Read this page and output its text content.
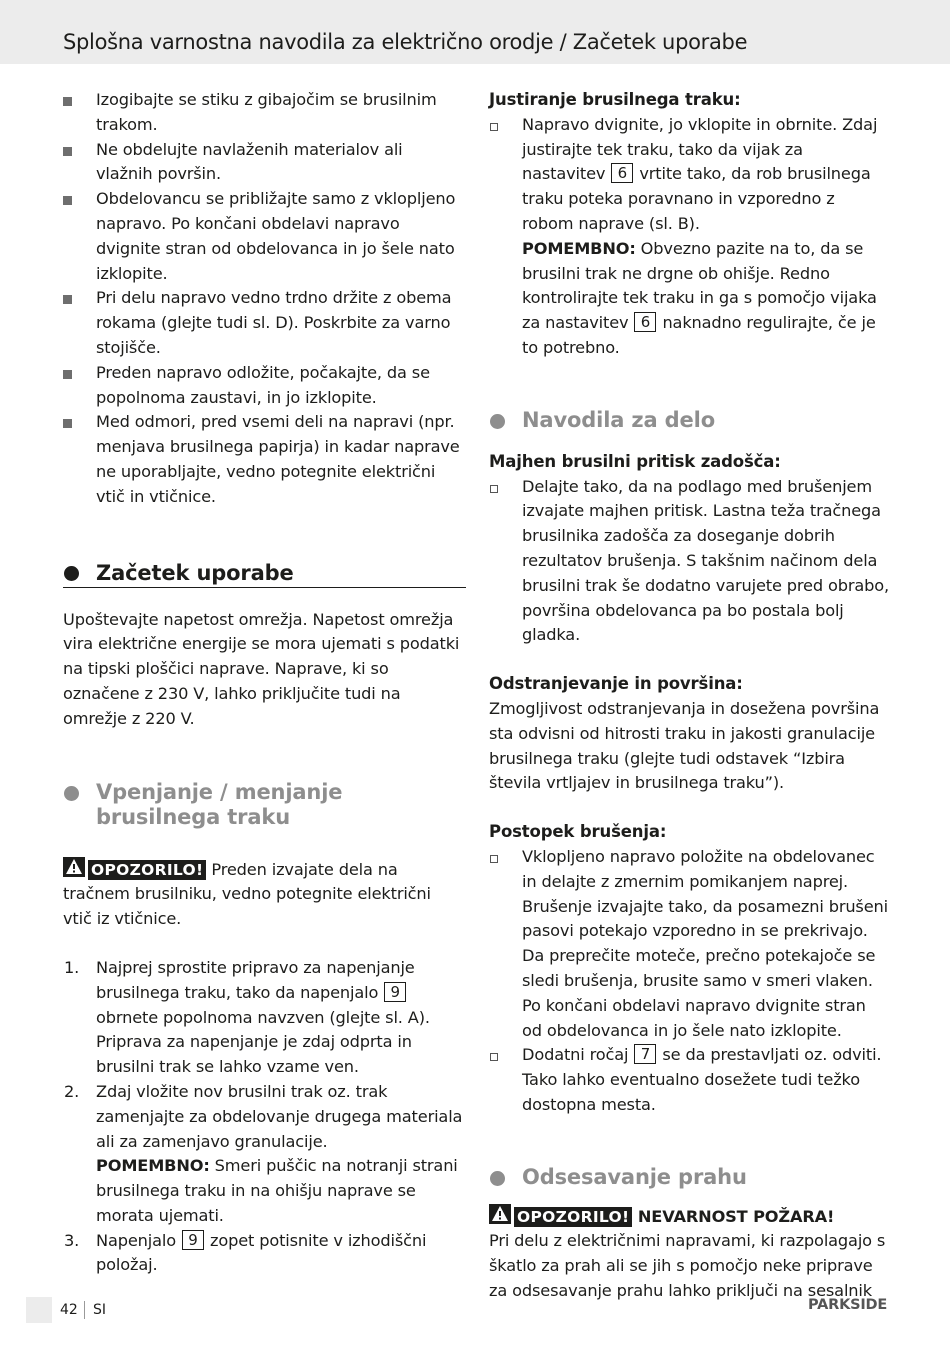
Splošna varnostna navodila za električno orodje / Začetek uporabe
Izogibajte se stiku z gibajočim se brusilnim trakom.
Ne obdelujte navlaženih materialov ali vlažnih površin.
Obdelovancu se približajte samo z vklopljeno napravo. Po končani obdelavi napravo dvignite stran od obdelovanca in jo šele nato izklopite.
Pri delu napravo vedno trdno držite z obema rokama (glejte tudi sl. D). Poskrbite za varno stojišče.
Preden napravo odložite, počakajte, da se popolnoma zaustavi, in jo izklopite.
Med odmori, pred vsemi deli na napravi (npr. menjava brusilnega papirja) in kadar naprave ne uporabljajte, vedno potegnite električni vtič in vtičnice.
Začetek uporabe
Upoštevajte napetost omrežja. Napetost omrežja vira električne energije se mora ujemati s podatki na tipski ploščici naprave. Naprave, ki so označene z 230 V, lahko priključite tudi na omrežje z 220 V.
Vpenjanje / menjanje
brusilnega traku
OPOZORILO! Preden izvajate dela na tračnem brusilniku, vedno potegnite električni vtič iz vtičnice.
1. Najprej sprostite pripravo za napenjanje brusilnega traku, tako da napenjalo 9 obrnete popolnoma navzven (glejte sl. A). Priprava za napenjanje je zdaj odprta in brusilni trak se lahko vzame ven.
2. Zdaj vložite nov brusilni trak oz. trak zamenjajte za obdelovanje drugega materiala ali za zamenjavo granulacije.
POMEMBNO: Smeri puščic na notranji strani brusilnega traku in na ohišju naprave se morata ujemati.
3. Napenjalo 9 zopet potisnite v izhodiščni položaj.
Justiranje brusilnega traku:
Napravo dvignite, jo vklopite in obrnite. Zdaj justirajte tek traku, tako da vijak za nastavitev 6 vrtite tako, da rob brusilnega traku poteka poravnano in vzporedno z robom naprave (sl. B).
POMEMBNO: Obvezno pazite na to, da se brusilni trak ne drgne ob ohišje. Redno kontrolirajte tek traku in ga s pomočjo vijaka za nastavitev 6 naknadno regulirajte, če je to potrebno.
Navodila za delo
Majhen brusilni pritisk zadošča:
Delajte tako, da na podlago med brušenjem izvajate majhen pritisk. Lastna teža tračnega brusilnika zadošča za doseganje dobrih rezultatov brušenja. S takšnim načinom dela brusilni trak še dodatno varujete pred obrabo, površina obdelovanca pa bo postala bolj gladka.
Odstranjevanje in površina:
Zmogljivost odstranjevanja in dosežena površina sta odvisni od hitrosti traku in jakosti granulacije brusilnega traku (glejte tudi odstavek “Izbira števila vrtljajev in brusilnega traku”).
Postopek brušenja:
Vklopljeno napravo položite na obdelovanec in delajte z zmernim pomikanjem naprej. Brušenje izvajajte tako, da posamezni brušeni pasovi potekajo vzporedno in se prekrivajo. Da preprečite moteče, prečno potekajoče se sledi brušenja, brusite samo v smeri vlaken. Po končani obdelavi napravo dvignite stran od obdelovanca in jo šele nato izklopite.
Dodatni ročaj 7 se da prestavljati oz. odviti. Tako lahko eventualno dosežete tudi težko dostopna mesta.
Odsesavanje prahu
OPOZORILO! NEVARNOST POŽARA!
Pri delu z električnimi napravami, ki razpolagajo s škatlo za prah ali se jih s pomočjo neke priprave za odsesavanje prahu lahko priključi na sesalnik
42 SI	PARKSIDE
